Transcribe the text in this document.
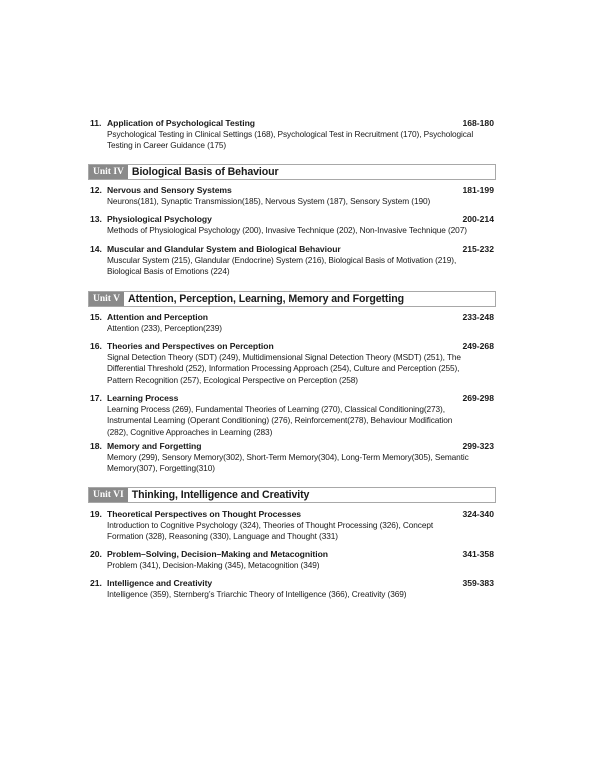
11. Application of Psychological Testing	168-180
Psychological Testing in Clinical Settings (168), Psychological Test in Recruitment (170), Psychological
Testing in Career Guidance (175)
Unit IV Biological Basis of Behaviour
12. Nervous and Sensory Systems	181-199
Neurons(181), Synaptic Transmission(185), Nervous System (187), Sensory System (190)
13. Physiological Psychology	200-214
Methods of Physiological Psychology (200), Invasive Technique (202), Non-Invasive Technique (207)
14. Muscular and Glandular System and Biological Behaviour	215-232
Muscular System (215), Glandular (Endocrine) System (216), Biological Basis of Motivation (219),
Biological Basis of Emotions (224)
Unit V Attention, Perception, Learning, Memory and Forgetting
15. Attention and Perception	233-248
Attention (233), Perception(239)
16. Theories and Perspectives on Perception	249-268
Signal Detection Theory (SDT) (249), Multidimensional Signal Detection Theory (MSDT) (251), The
Differential Threshold (252), Information Processing Approach (254), Culture and Perception (255),
Pattern Recognition (257), Ecological Perspective on Perception (258)
17. Learning Process	269-298
Learning Process (269), Fundamental Theories of Learning (270), Classical Conditioning(273),
Instrumental Learning (Operant Conditioning) (276), Reinforcement(278), Behaviour Modification
(282), Cognitive Approaches in Learning (283)
18. Memory and Forgetting	299-323
Memory (299), Sensory Memory(302), Short-Term Memory(304), Long-Term Memory(305), Semantic
Memory(307), Forgetting(310)
Unit VI Thinking, Intelligence and Creativity
19. Theoretical Perspectives on Thought Processes	324-340
Introduction to Cognitive Psychology (324), Theories of Thought Processing (326), Concept
Formation (328), Reasoning (330), Language and Thought (331)
20. Problem–Solving, Decision–Making and Metacognition	341-358
Problem (341), Decision-Making (345), Metacognition (349)
21. Intelligence and Creativity	359-383
Intelligence (359), Sternberg’s Triarchic Theory of Intelligence (366), Creativity (369)
